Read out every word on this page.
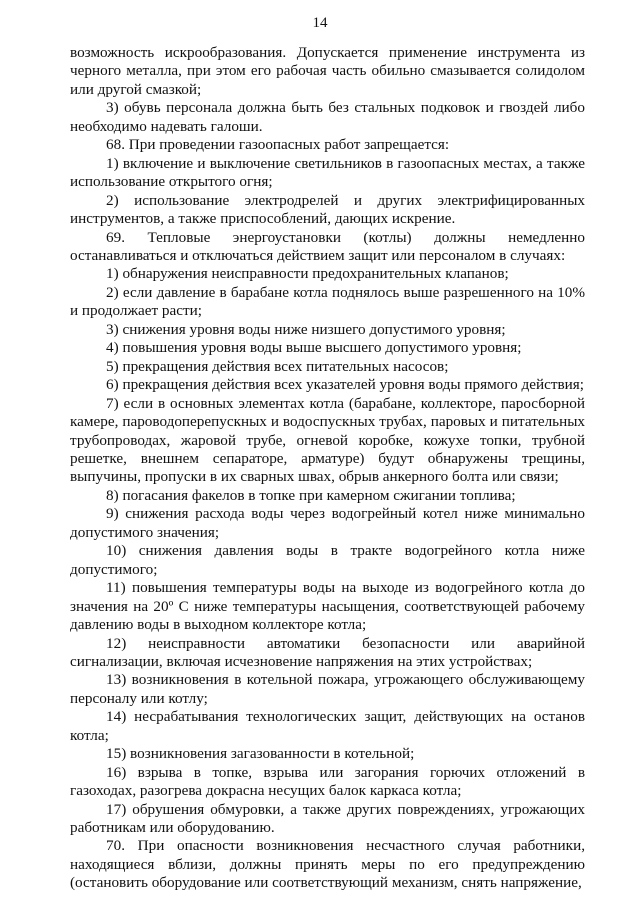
14

возможность искрообразования. Допускается применение инструмента из черного металла, при этом его рабочая часть обильно смазывается солидолом или другой смазкой;

3) обувь персонала должна быть без стальных подковок и гвоздей либо необходимо надевать галоши.

68. При проведении газоопасных работ запрещается:

1) включение и выключение светильников в газоопасных местах, а также использование открытого огня;

2) использование электродрелей и других электрифицированных инструментов, а также приспособлений, дающих искрение.

69. Тепловые энергоустановки (котлы) должны немедленно останавливаться и отключаться действием защит или персоналом в случаях:

1) обнаружения неисправности предохранительных клапанов;

2) если давление в барабане котла поднялось выше разрешенного на 10% и продолжает расти;

3) снижения уровня воды ниже низшего допустимого уровня;

4) повышения уровня воды выше высшего допустимого уровня;

5) прекращения действия всех питательных насосов;

6) прекращения действия всех указателей уровня воды прямого действия;

7) если в основных элементах котла (барабане, коллекторе, паросборной камере, пароводоперепускных и водоспускных трубах, паровых и питательных трубопроводах, жаровой трубе, огневой коробке, кожухе топки, трубной решетке, внешнем сепараторе, арматуре) будут обнаружены трещины, выпучины, пропуски в их сварных швах, обрыв анкерного болта или связи;

8) погасания факелов в топке при камерном сжигании топлива;

9) снижения расхода воды через водогрейный котел ниже минимально допустимого значения;

10) снижения давления воды в тракте водогрейного котла ниже допустимого;

11) повышения температуры воды на выходе из водогрейного котла до значения на 20º С ниже температуры насыщения, соответствующей рабочему давлению воды в выходном коллекторе котла;

12) неисправности автоматики безопасности или аварийной сигнализации, включая исчезновение напряжения на этих устройствах;

13) возникновения в котельной пожара, угрожающего обслуживающему персоналу или котлу;

14) несрабатывания технологических защит, действующих на останов котла;

15) возникновения загазованности в котельной;

16) взрыва в топке, взрыва или загорания горючих отложений в газоходах, разогрева докрасна несущих балок каркаса котла;

17) обрушения обмуровки, а также других повреждениях, угрожающих работникам или оборудованию.

70. При опасности возникновения несчастного случая работники, находящиеся вблизи, должны принять меры по его предупреждению (остановить оборудование или соответствующий механизм, снять напряжение,
